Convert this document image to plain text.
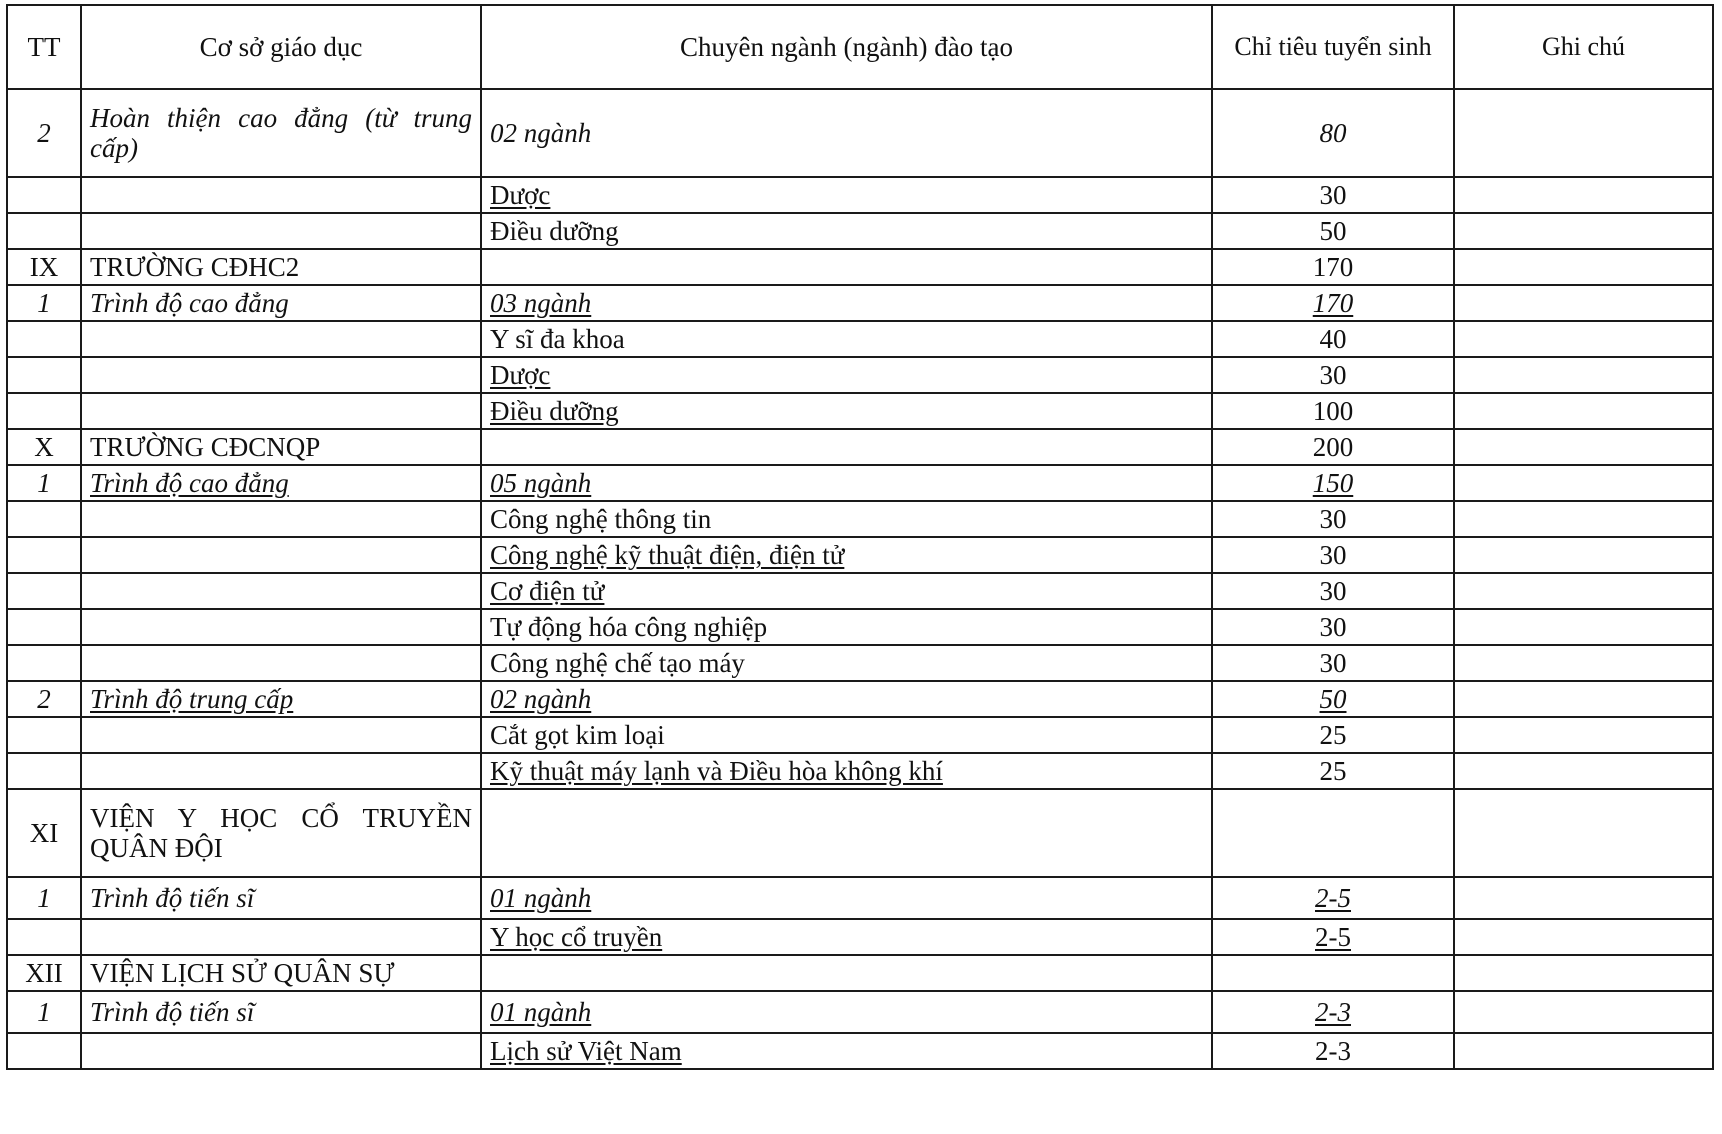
TT	Cơ sở giáo dục	Chuyên ngành (ngành) đào tạo	Chỉ tiêu tuyển sinh	Ghi chú
2	Hoàn thiện cao đẳng (từ trung cấp)	02 ngành	80	
		Dược	30	
		Điều dưỡng	50	
IX	TRƯỜNG CĐHC2		170	
1	Trình độ cao đẳng	03 ngành	170	
		Y sĩ đa khoa	40	
		Dược	30	
		Điều dưỡng	100	
X	TRƯỜNG CĐCNQP		200	
1	Trình độ cao đẳng	05 ngành	150	
		Công nghệ thông tin	30	
		Công nghệ kỹ thuật điện, điện tử	30	
		Cơ điện tử	30	
		Tự động hóa công nghiệp	30	
		Công nghệ chế tạo máy	30	
2	Trình độ trung cấp	02 ngành	50	
		Cắt gọt kim loại	25	
		Kỹ thuật máy lạnh và Điều hòa không khí	25	
XI	VIỆN Y HỌC CỔ TRUYỀN QUÂN ĐỘI			
1	Trình độ tiến sĩ	01 ngành	2-5	
		Y học cổ truyền	2-5	
XII	VIỆN LỊCH SỬ QUÂN SỰ			
1	Trình độ tiến sĩ	01 ngành	2-3	
		Lịch sử Việt Nam	2-3	
